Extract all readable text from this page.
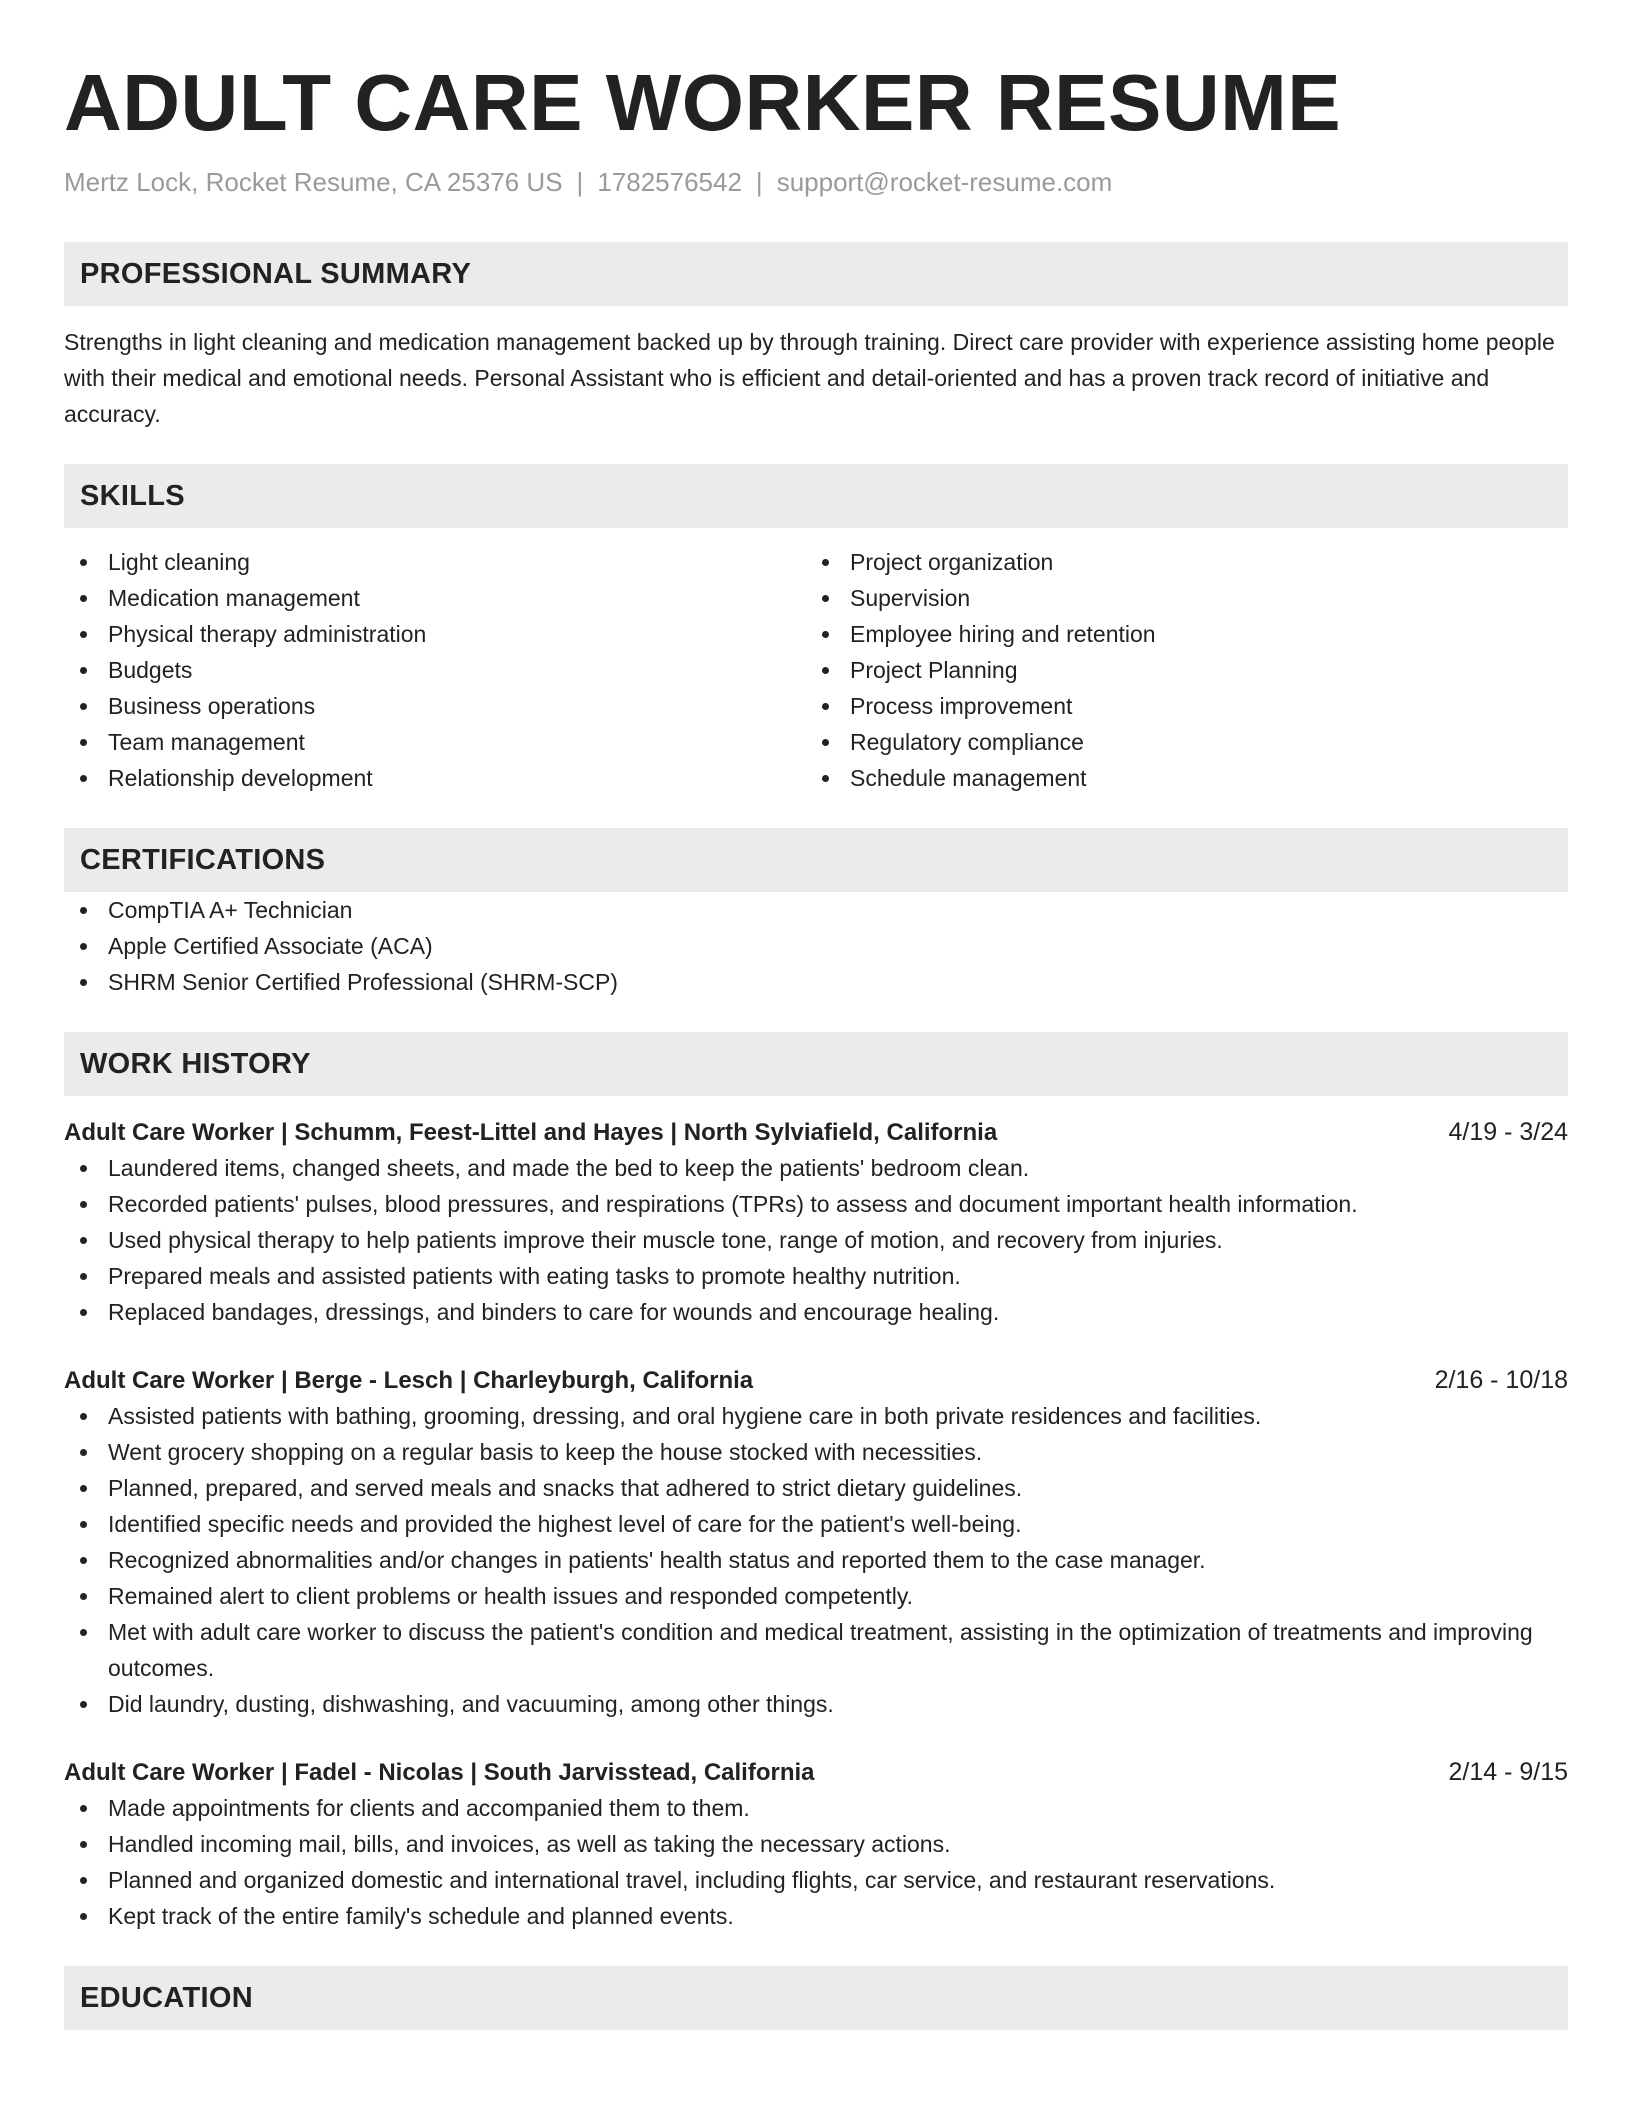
ADULT CARE WORKER RESUME
Mertz Lock, Rocket Resume, CA 25376 US | 1782576542 | support@rocket-resume.com
PROFESSIONAL SUMMARY

Strengths in light cleaning and medication management backed up by through training. Direct care provider with experience assisting home people with their medical and emotional needs. Personal Assistant who is efficient and detail-oriented and has a proven track record of initiative and accuracy.

SKILLS
Light cleaning
Medication management
Physical therapy administration
Budgets
Business operations
Team management
Relationship development
Project organization
Supervision
Employee hiring and retention
Project Planning
Process improvement
Regulatory compliance
Schedule management
CERTIFICATIONS
CompTIA A+ Technician
Apple Certified Associate (ACA)
SHRM Senior Certified Professional (SHRM-SCP)
WORK HISTORY
Adult Care Worker | Schumm, Feest-Littel and Hayes | North Sylviafield, California	4/19 - 3/24
Laundered items, changed sheets, and made the bed to keep the patients' bedroom clean.
Recorded patients' pulses, blood pressures, and respirations (TPRs) to assess and document important health information.
Used physical therapy to help patients improve their muscle tone, range of motion, and recovery from injuries.
Prepared meals and assisted patients with eating tasks to promote healthy nutrition.
Replaced bandages, dressings, and binders to care for wounds and encourage healing.
Adult Care Worker | Berge - Lesch | Charleyburgh, California	2/16 - 10/18
Assisted patients with bathing, grooming, dressing, and oral hygiene care in both private residences and facilities.
Went grocery shopping on a regular basis to keep the house stocked with necessities.
Planned, prepared, and served meals and snacks that adhered to strict dietary guidelines.
Identified specific needs and provided the highest level of care for the patient's well-being.
Recognized abnormalities and/or changes in patients' health status and reported them to the case manager.
Remained alert to client problems or health issues and responded competently.
Met with adult care worker to discuss the patient's condition and medical treatment, assisting in the optimization of treatments and improving outcomes.
Did laundry, dusting, dishwashing, and vacuuming, among other things.
Adult Care Worker | Fadel - Nicolas | South Jarvisstead, California	2/14 - 9/15
Made appointments for clients and accompanied them to them.
Handled incoming mail, bills, and invoices, as well as taking the necessary actions.
Planned and organized domestic and international travel, including flights, car service, and restaurant reservations.
Kept track of the entire family's schedule and planned events.
EDUCATION
